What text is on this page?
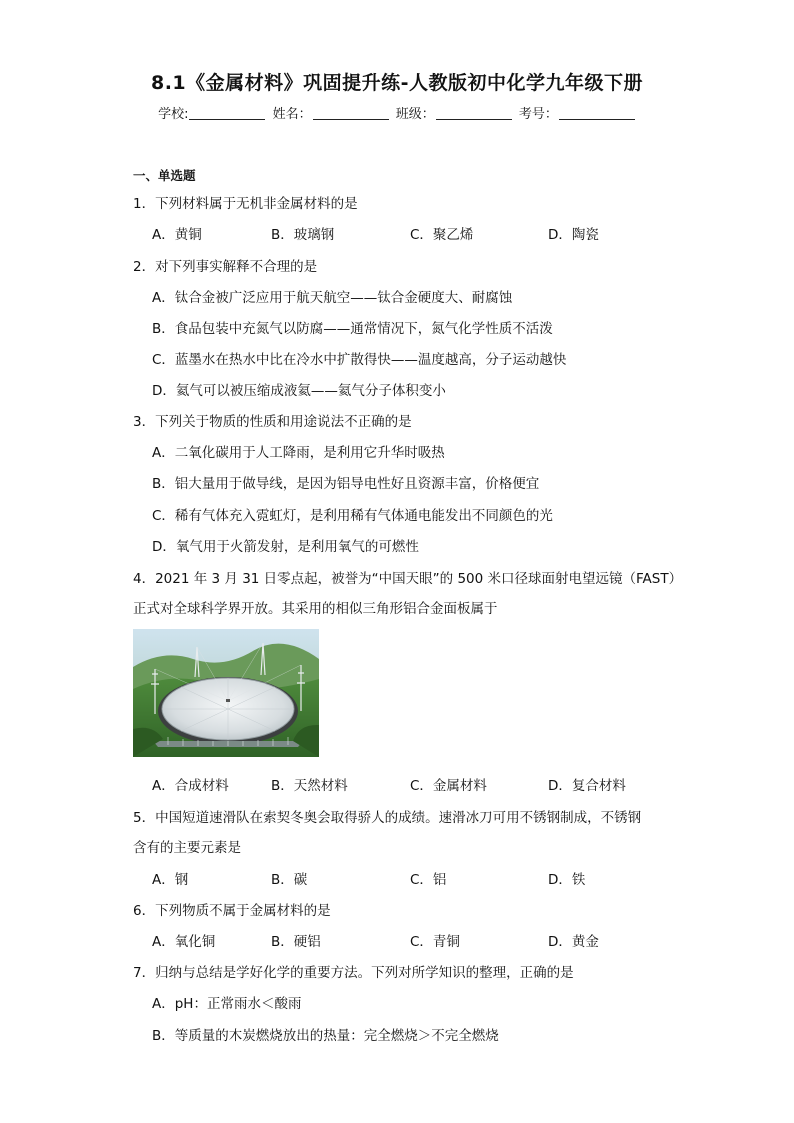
8.1《金属材料》巩固提升练-人教版初中化学九年级下册
学校:	姓名：	班级：	考号：
一、单选题
1．下列材料属于无机非金属材料的是
A．黄铜	B．玻璃钢	C．聚乙烯	D．陶瓷
2．对下列事实解释不合理的是
A．钛合金被广泛应用于航天航空——钛合金硬度大、耐腐蚀
B．食品包装中充氮气以防腐——通常情况下，氮气化学性质不活泼
C．蓝墨水在热水中比在冷水中扩散得快——温度越高，分子运动越快
D．氦气可以被压缩成液氦——氦气分子体积变小
3．下列关于物质的性质和用途说法不正确的是
A．二氧化碳用于人工降雨，是利用它升华时吸热
B．铝大量用于做导线，是因为铝导电性好且资源丰富，价格便宜
C．稀有气体充入霓虹灯，是利用稀有气体通电能发出不同颜色的光
D．氧气用于火箭发射，是利用氧气的可燃性
4．2021 年 3 月 31 日零点起，被誉为“中国天眼”的 500 米口径球面射电望远镜（FAST）
正式对全球科学界开放。其采用的相似三角形铝合金面板属于
A．合成材料	B．天然材料	C．金属材料	D．复合材料
5．中国短道速滑队在索契冬奥会取得骄人的成绩。速滑冰刀可用不锈钢制成，不锈钢
含有的主要元素是
A．钢	B．碳	C．铝	D．铁
6．下列物质不属于金属材料的是
A．氧化铜	B．硬铝	C．青铜	D．黄金
7．归纳与总结是学好化学的重要方法。下列对所学知识的整理，正确的是
A．pH：正常雨水＜酸雨
B．等质量的木炭燃烧放出的热量：完全燃烧＞不完全燃烧
